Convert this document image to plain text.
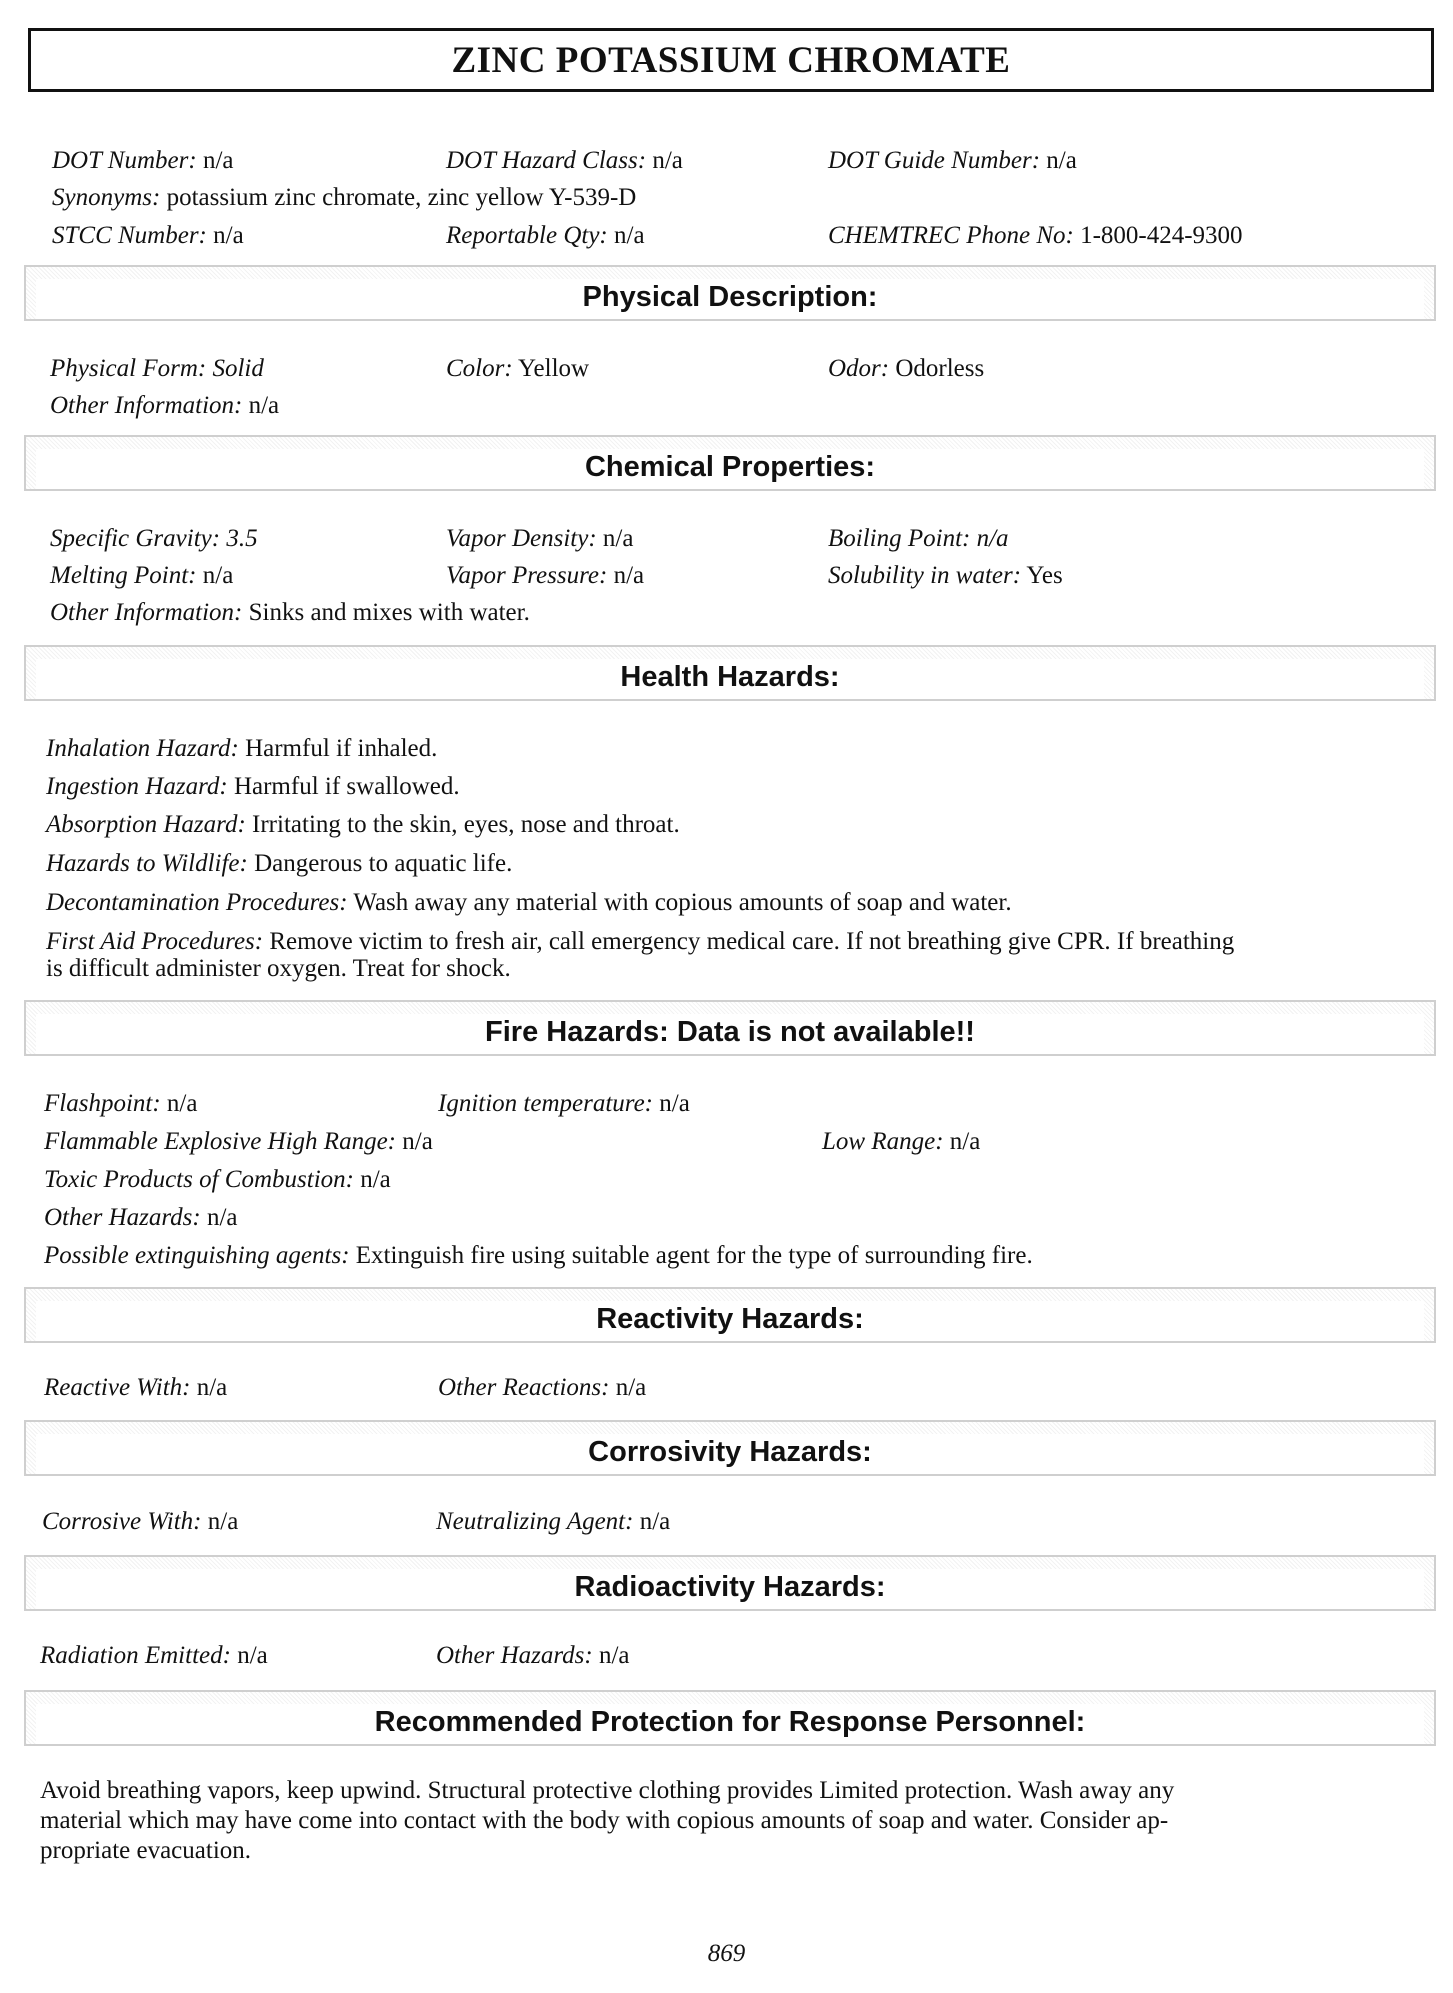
ZINC POTASSIUM CHROMATE
DOT Number: n/a	DOT Hazard Class: n/a	DOT Guide Number: n/a
Synonyms: potassium zinc chromate, zinc yellow Y-539-D
STCC Number: n/a	Reportable Qty: n/a	CHEMTREC Phone No: 1-800-424-9300
Physical Description:
Physical Form: Solid	Color: Yellow	Odor: Odorless
Other Information: n/a
Chemical Properties:
Specific Gravity: 3.5	Vapor Density: n/a	Boiling Point: n/a
Melting Point: n/a	Vapor Pressure: n/a	Solubility in water: Yes
Other Information: Sinks and mixes with water.
Health Hazards:
Inhalation Hazard: Harmful if inhaled.
Ingestion Hazard: Harmful if swallowed.
Absorption Hazard: Irritating to the skin, eyes, nose and throat.
Hazards to Wildlife: Dangerous to aquatic life.
Decontamination Procedures: Wash away any material with copious amounts of soap and water.
First Aid Procedures: Remove victim to fresh air, call emergency medical care. If not breathing give CPR. If breathing
is difficult administer oxygen. Treat for shock.
Fire Hazards: Data is not available!!
Flashpoint: n/a	Ignition temperature: n/a
Flammable Explosive High Range: n/a	Low Range: n/a
Toxic Products of Combustion: n/a
Other Hazards: n/a
Possible extinguishing agents: Extinguish fire using suitable agent for the type of surrounding fire.
Reactivity Hazards:
Reactive With: n/a	Other Reactions: n/a
Corrosivity Hazards:
Corrosive With: n/a	Neutralizing Agent: n/a
Radioactivity Hazards:
Radiation Emitted: n/a	Other Hazards: n/a
Recommended Protection for Response Personnel:
Avoid breathing vapors, keep upwind. Structural protective clothing provides Limited protection. Wash away any
material which may have come into contact with the body with copious amounts of soap and water. Consider ap-
propriate evacuation.
869
